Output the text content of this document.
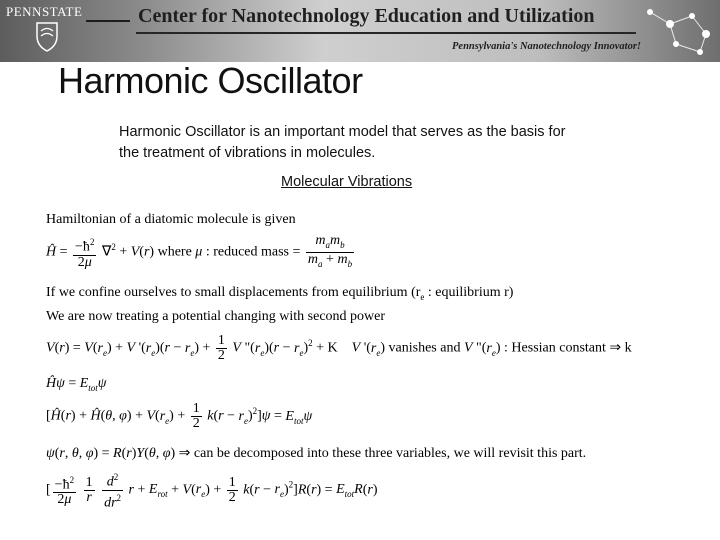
PENNSTATE	Center for Nanotechnology Education and Utilization
Pennsylvania's Nanotechnology Innovator!
Harmonic Oscillator

Harmonic Oscillator is an important model that serves as the basis for the treatment of vibrations in molecules.

Molecular Vibrations
Hamiltonian of a diatomic molecule is given
Ĥ = $\frac{-ħ^2}{2\mu} \nabla^2 + V(r)$ where μ : reduced mass = $\frac{m_am_b}{m_a + m_b}$
If we confine ourselves to small displacements from equilibrium ($r_e$ : equilibrium r)
We are now treating a potential changing with second power
$V(r) = V(r_e) + V$ '$(r_e)(r - r_e) + \frac{1}{2}$ V "$(r_e)(r - r_e)^2 + K$    V '$(r_e)$ vanishes and V "$(r_e)$ : Hessian constant ⇒ k
Ĥψ = $E_{tot}\psi$
[Ĥ(r) + Ĥ(θ, $\varphi) + V(r_e) + \frac{1}{2} k(r - r_e)^2]\psi = E_{tot}\psi$
ψ(r, θ, φ) = R(r)Y(θ, φ) ⇒ can be decomposed into these three variables, we will revisit this part.
[ $\frac{-ħ^2}{2\mu}$
$\frac{1}{r}$
$\frac{d^2}{dr^2}$ $r + E_{rot} + V(r_e) + \frac{1}{2} k(r - r_e)^2]R(r) = E_{tot}R(r)$
